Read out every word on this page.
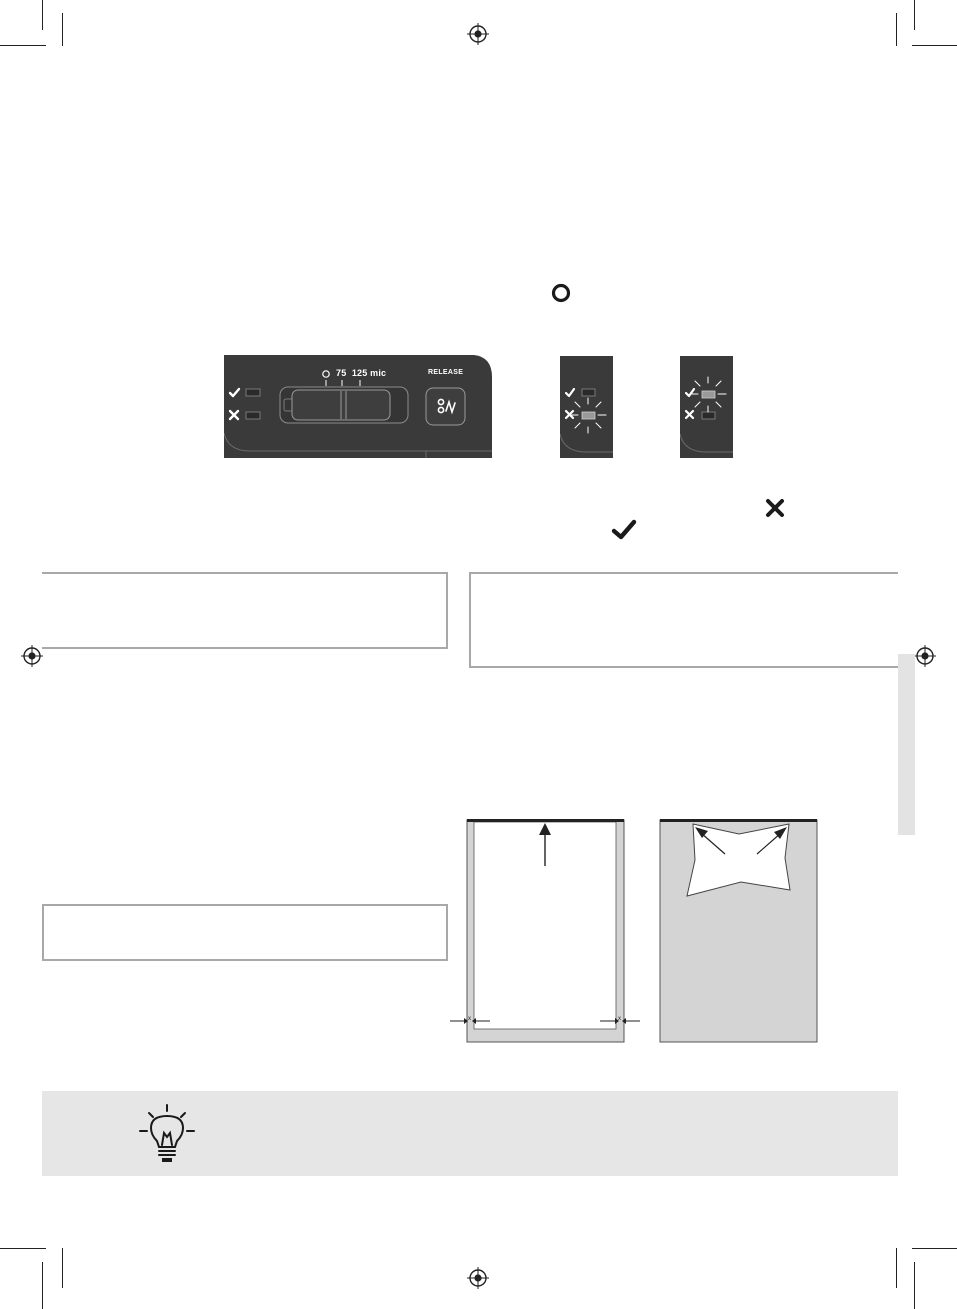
75 125 mic	RELEASE
x	x
